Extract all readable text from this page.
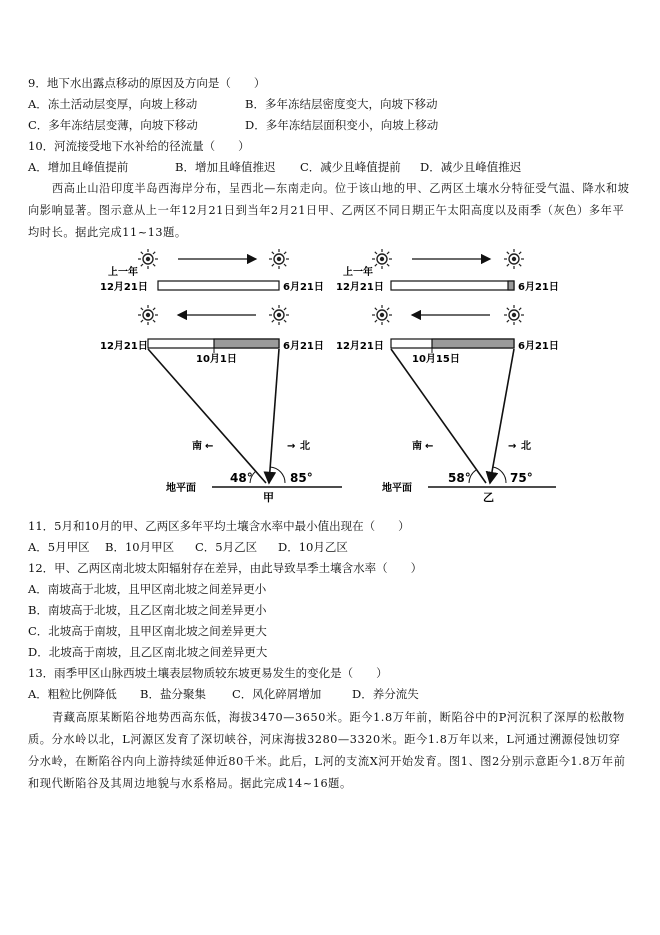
9．地下水出露点移动的原因及方向是（　　）
A．冻土活动层变厚，向坡上移动	B．多年冻结层密度变大，向坡下移动
C．多年冻结层变薄，向坡下移动	D．多年冻结层面积变小，向坡上移动
10．河流接受地下水补给的径流量（　　）
A．增加且峰值提前	B．增加且峰值推迟 C．减少且峰值提前 D．减少且峰值推迟
西高止山沿印度半岛西海岸分布，呈西北—东南走向。位于该山地的甲、乙两区土壤水分特征受气温、降水和坡向影响显著。图示意从上一年12月21日到当年2月21日甲、乙两区不同日期正午太阳高度以及雨季（灰色）多年平均时长。据此完成11~13题。
上一年
12月21日	6月21日
12月21日	6月21日
10月1日
南 ←	→ 北
48°	85°
地平面
甲
上一年
12月21日	6月21日
12月21日	6月21日
10月15日
南 ←	→ 北
58°	75°
地平面
乙
11．5月和10月的甲、乙两区多年平均土壤含水率中最小值出现在（　　）
A．5月甲区 B．10月甲区 C．5月乙区 D．10月乙区
12．甲、乙两区南北坡太阳辐射存在差异，由此导致旱季土壤含水率（　　）
A．南坡高于北坡，且甲区南北坡之间差异更小
B．南坡高于北坡，且乙区南北坡之间差异更小
C．北坡高于南坡，且甲区南北坡之间差异更大
D．北坡高于南坡，且乙区南北坡之间差异更大
13．雨季甲区山脉西坡土壤表层物质较东坡更易发生的变化是（　　）
A．粗粒比例降低 B．盐分聚集 C．风化碎屑增加	D．养分流失
青藏高原某断陷谷地势西高东低，海拔3470—3650米。距今1.8万年前，断陷谷中的P河沉积了深厚的松散物质。分水岭以北，L河源区发育了深切峡谷，河床海拔3280—3320米。距今1.8万年以来，L河通过溯源侵蚀切穿分水岭，在断陷谷内向上游持续延伸近80千米。此后，L河的支流X河开始发育。图1、图2分别示意距今1.8万年前和现代断陷谷及其周边地貌与水系格局。据此完成14~16题。
